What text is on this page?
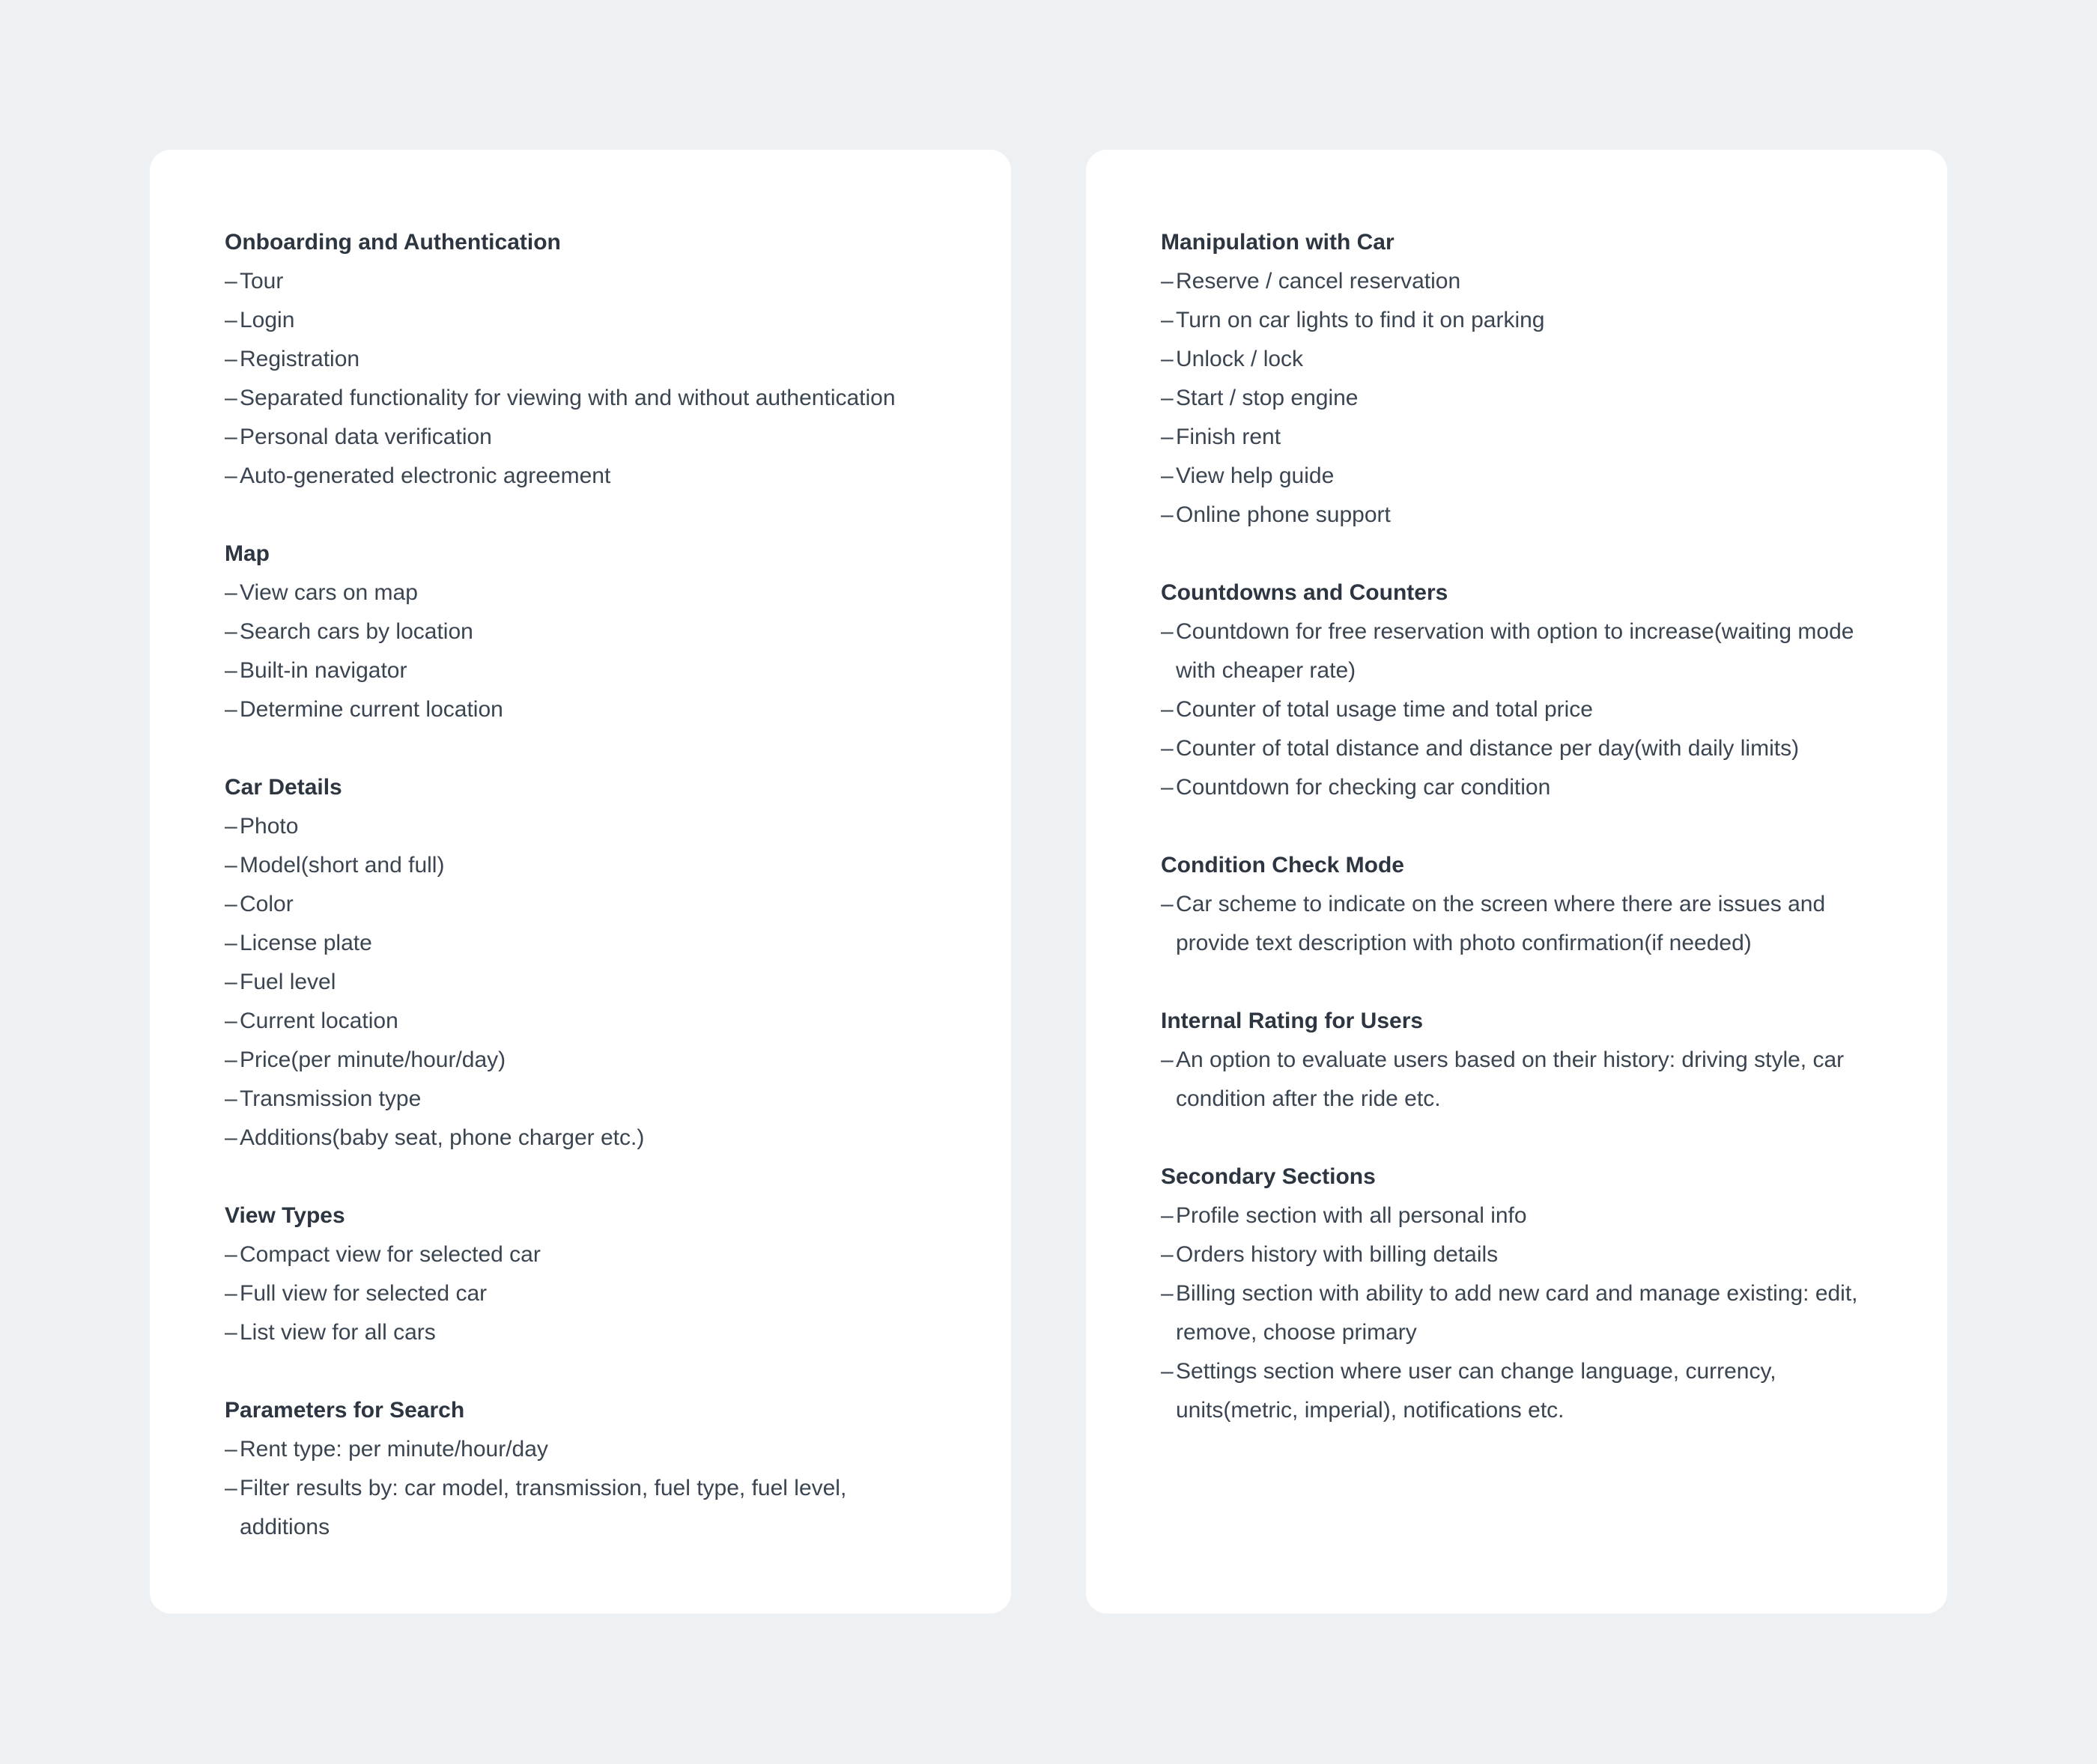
Onboarding and Authentication
– Tour
– Login
– Registration
– Separated functionality for viewing with and without authentication
– Personal data verification
– Auto-generated electronic agreement
Map
– View cars on map
– Search cars by location
– Built-in navigator
– Determine current location
Car Details
– Photo
– Model(short and full)
– Color
– License plate
– Fuel level
– Current location
– Price(per minute/hour/day)
– Transmission type
– Additions(baby seat, phone charger etc.)
View Types
– Compact view for selected car
– Full view for selected car
– List view for all cars
Parameters for Search
– Rent type: per minute/hour/day
– Filter results by: car model, transmission, fuel type, fuel level, additions
Manipulation with Car
– Reserve / cancel reservation
– Turn on car lights to find it on parking
– Unlock / lock
– Start / stop engine
– Finish rent
– View help guide
– Online phone support
Countdowns and Counters
– Countdown for free reservation with option to increase(waiting mode with cheaper rate)
– Counter of total usage time and total price
– Counter of total distance and distance per day(with daily limits)
– Countdown for checking car condition
Condition Check Mode
– Car scheme to indicate on the screen where there are issues and provide text description with photo confirmation(if needed)
Internal Rating for Users
– An option to evaluate users based on their history: driving style, car condition after the ride etc.
Secondary Sections
– Profile section with all personal info
– Orders history with billing details
– Billing section with ability to add new card and manage existing: edit, remove, choose primary
– Settings section where user can change language, currency, units(metric, imperial), notifications etc.
